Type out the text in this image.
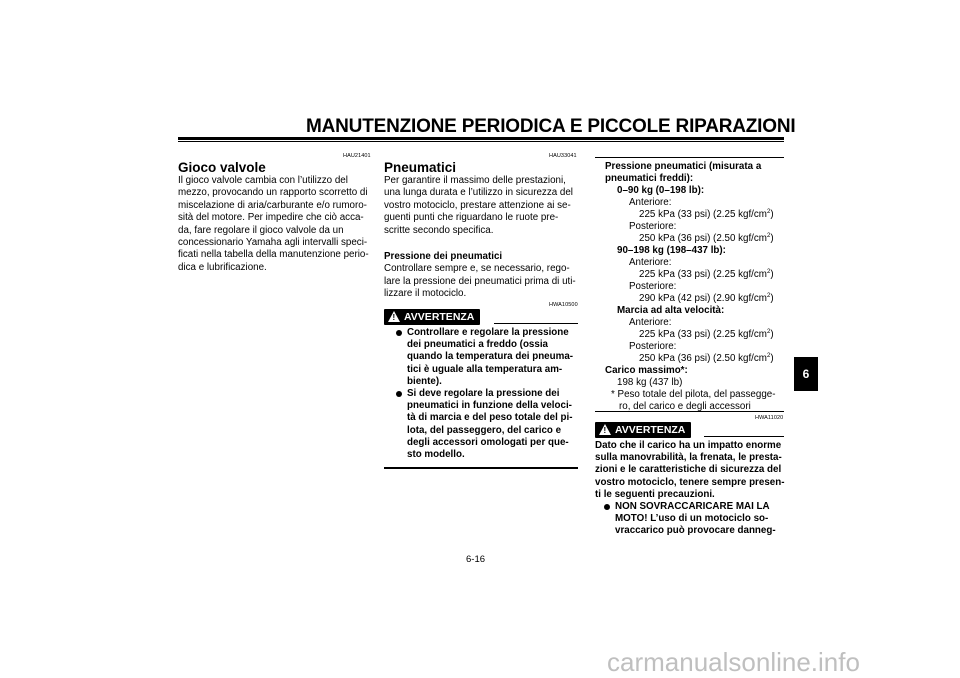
MANUTENZIONE PERIODICA E PICCOLE RIPARAZIONI
HAU21401
Gioco valvole
Il gioco valvole cambia con l’utilizzo del
mezzo, provocando un rapporto scorretto di
miscelazione di aria/carburante e/o rumoro-
sità del motore. Per impedire che ciò acca-
da, fare regolare il gioco valvole da un
concessionario Yamaha agli intervalli speci-
ficati nella tabella della manutenzione perio-
dica e lubrificazione.
HAU33041
Pneumatici
Per garantire il massimo delle prestazioni,
una lunga durata e l’utilizzo in sicurezza del
vostro motociclo, prestare attenzione ai se-
guenti punti che riguardano le ruote pre-
scritte secondo specifica.
Pressione dei pneumatici
Controllare sempre e, se necessario, rego-
lare la pressione dei pneumatici prima di uti-
lizzare il motociclo.
HWA10500
! AVVERTENZA
Controllare e regolare la pressione
dei pneumatici a freddo (ossia
quando la temperatura dei pneuma-
tici è uguale alla temperatura am-
biente).
Si deve regolare la pressione dei
pneumatici in funzione della veloci-
tà di marcia e del peso totale del pi-
lota, del passeggero, del carico e
degli accessori omologati per que-
sto modello.
Pressione pneumatici (misurata a
pneumatici freddi):
0–90 kg (0–198 lb):
Anteriore:
225 kPa (33 psi) (2.25 kgf/$cm^2$)
Posteriore:
250 kPa (36 psi) (2.50 kgf/$cm^2$)
90–198 kg (198–437 lb):
Anteriore:
225 kPa (33 psi) (2.25 kgf/$cm^2$)
Posteriore:
290 kPa (42 psi) (2.90 kgf/$cm^2$)
Marcia ad alta velocità:
Anteriore:
225 kPa (33 psi) (2.25 kgf/$cm^2$)
Posteriore:
250 kPa (36 psi) (2.50 kgf/$cm^2$)
Carico massimo*:
198 kg (437 lb)
* Peso totale del pilota, del passegge-
ro, del carico e degli accessori
HWA11020
! AVVERTENZA
Dato che il carico ha un impatto enorme
sulla manovrabilità, la frenata, le presta-
zioni e le caratteristiche di sicurezza del
vostro motociclo, tenere sempre presen-
ti le seguenti precauzioni.
NON SOVRACCARICARE MAI LA
MOTO! L’uso di un motociclo so-
vraccarico può provocare danneg-
6
6-16
carmanualsonline.info
